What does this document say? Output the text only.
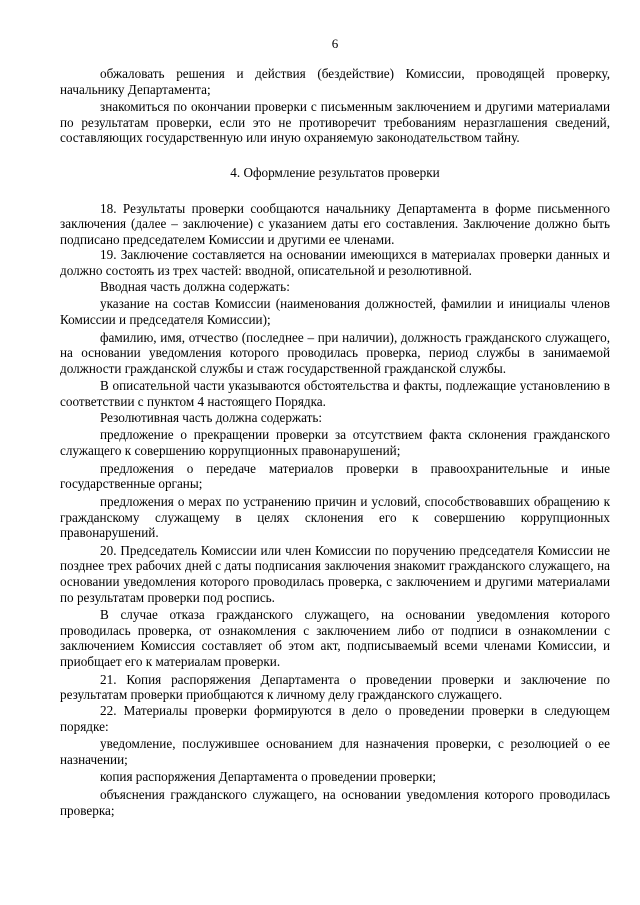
6

обжаловать решения и действия (бездействие) Комиссии, проводящей проверку, начальнику Департамента;

знакомиться по окончании проверки с письменным заключением и другими материалами по результатам проверки, если это не противоречит требованиям неразглашения сведений, составляющих государственную или иную охраняемую законодательством тайну.

4. Оформление результатов проверки

18. Результаты проверки сообщаются начальнику Департамента в форме письменного заключения (далее – заключение) с указанием даты его составления. Заключение должно быть подписано председателем Комиссии и другими ее членами.

19. Заключение составляется на основании имеющихся в материалах проверки данных и должно состоять из трех частей: вводной, описательной и резолютивной.

Вводная часть должна содержать:

указание на состав Комиссии (наименования должностей, фамилии и инициалы членов Комиссии и председателя Комиссии);

фамилию, имя, отчество (последнее – при наличии), должность гражданского служащего, на основании уведомления которого проводилась проверка, период службы в занимаемой должности гражданской службы и стаж государственной гражданской службы.

В описательной части указываются обстоятельства и факты, подлежащие установлению в соответствии с пунктом 4 настоящего Порядка.

Резолютивная часть должна содержать:

предложение о прекращении проверки за отсутствием факта склонения гражданского служащего к совершению коррупционных правонарушений;

предложения о передаче материалов проверки в правоохранительные и иные государственные органы;

предложения о мерах по устранению причин и условий, способствовавших обращению к гражданскому служащему в целях склонения его к совершению коррупционных правонарушений.

20. Председатель Комиссии или член Комиссии по поручению председателя Комиссии не позднее трех рабочих дней с даты подписания заключения знакомит гражданского служащего, на основании уведомления которого проводилась проверка, с заключением и другими материалами по результатам проверки под роспись.

В случае отказа гражданского служащего, на основании уведомления которого проводилась проверка, от ознакомления с заключением либо от подписи в ознакомлении с заключением Комиссия составляет об этом акт, подписываемый всеми членами Комиссии, и приобщает его к материалам проверки.

21. Копия распоряжения Департамента о проведении проверки и заключение по результатам проверки приобщаются к личному делу гражданского служащего.

22. Материалы проверки формируются в дело о проведении проверки в следующем порядке:

уведомление, послужившее основанием для назначения проверки, с резолюцией о ее назначении;

копия распоряжения Департамента о проведении проверки;

объяснения гражданского служащего, на основании уведомления которого проводилась проверка;
